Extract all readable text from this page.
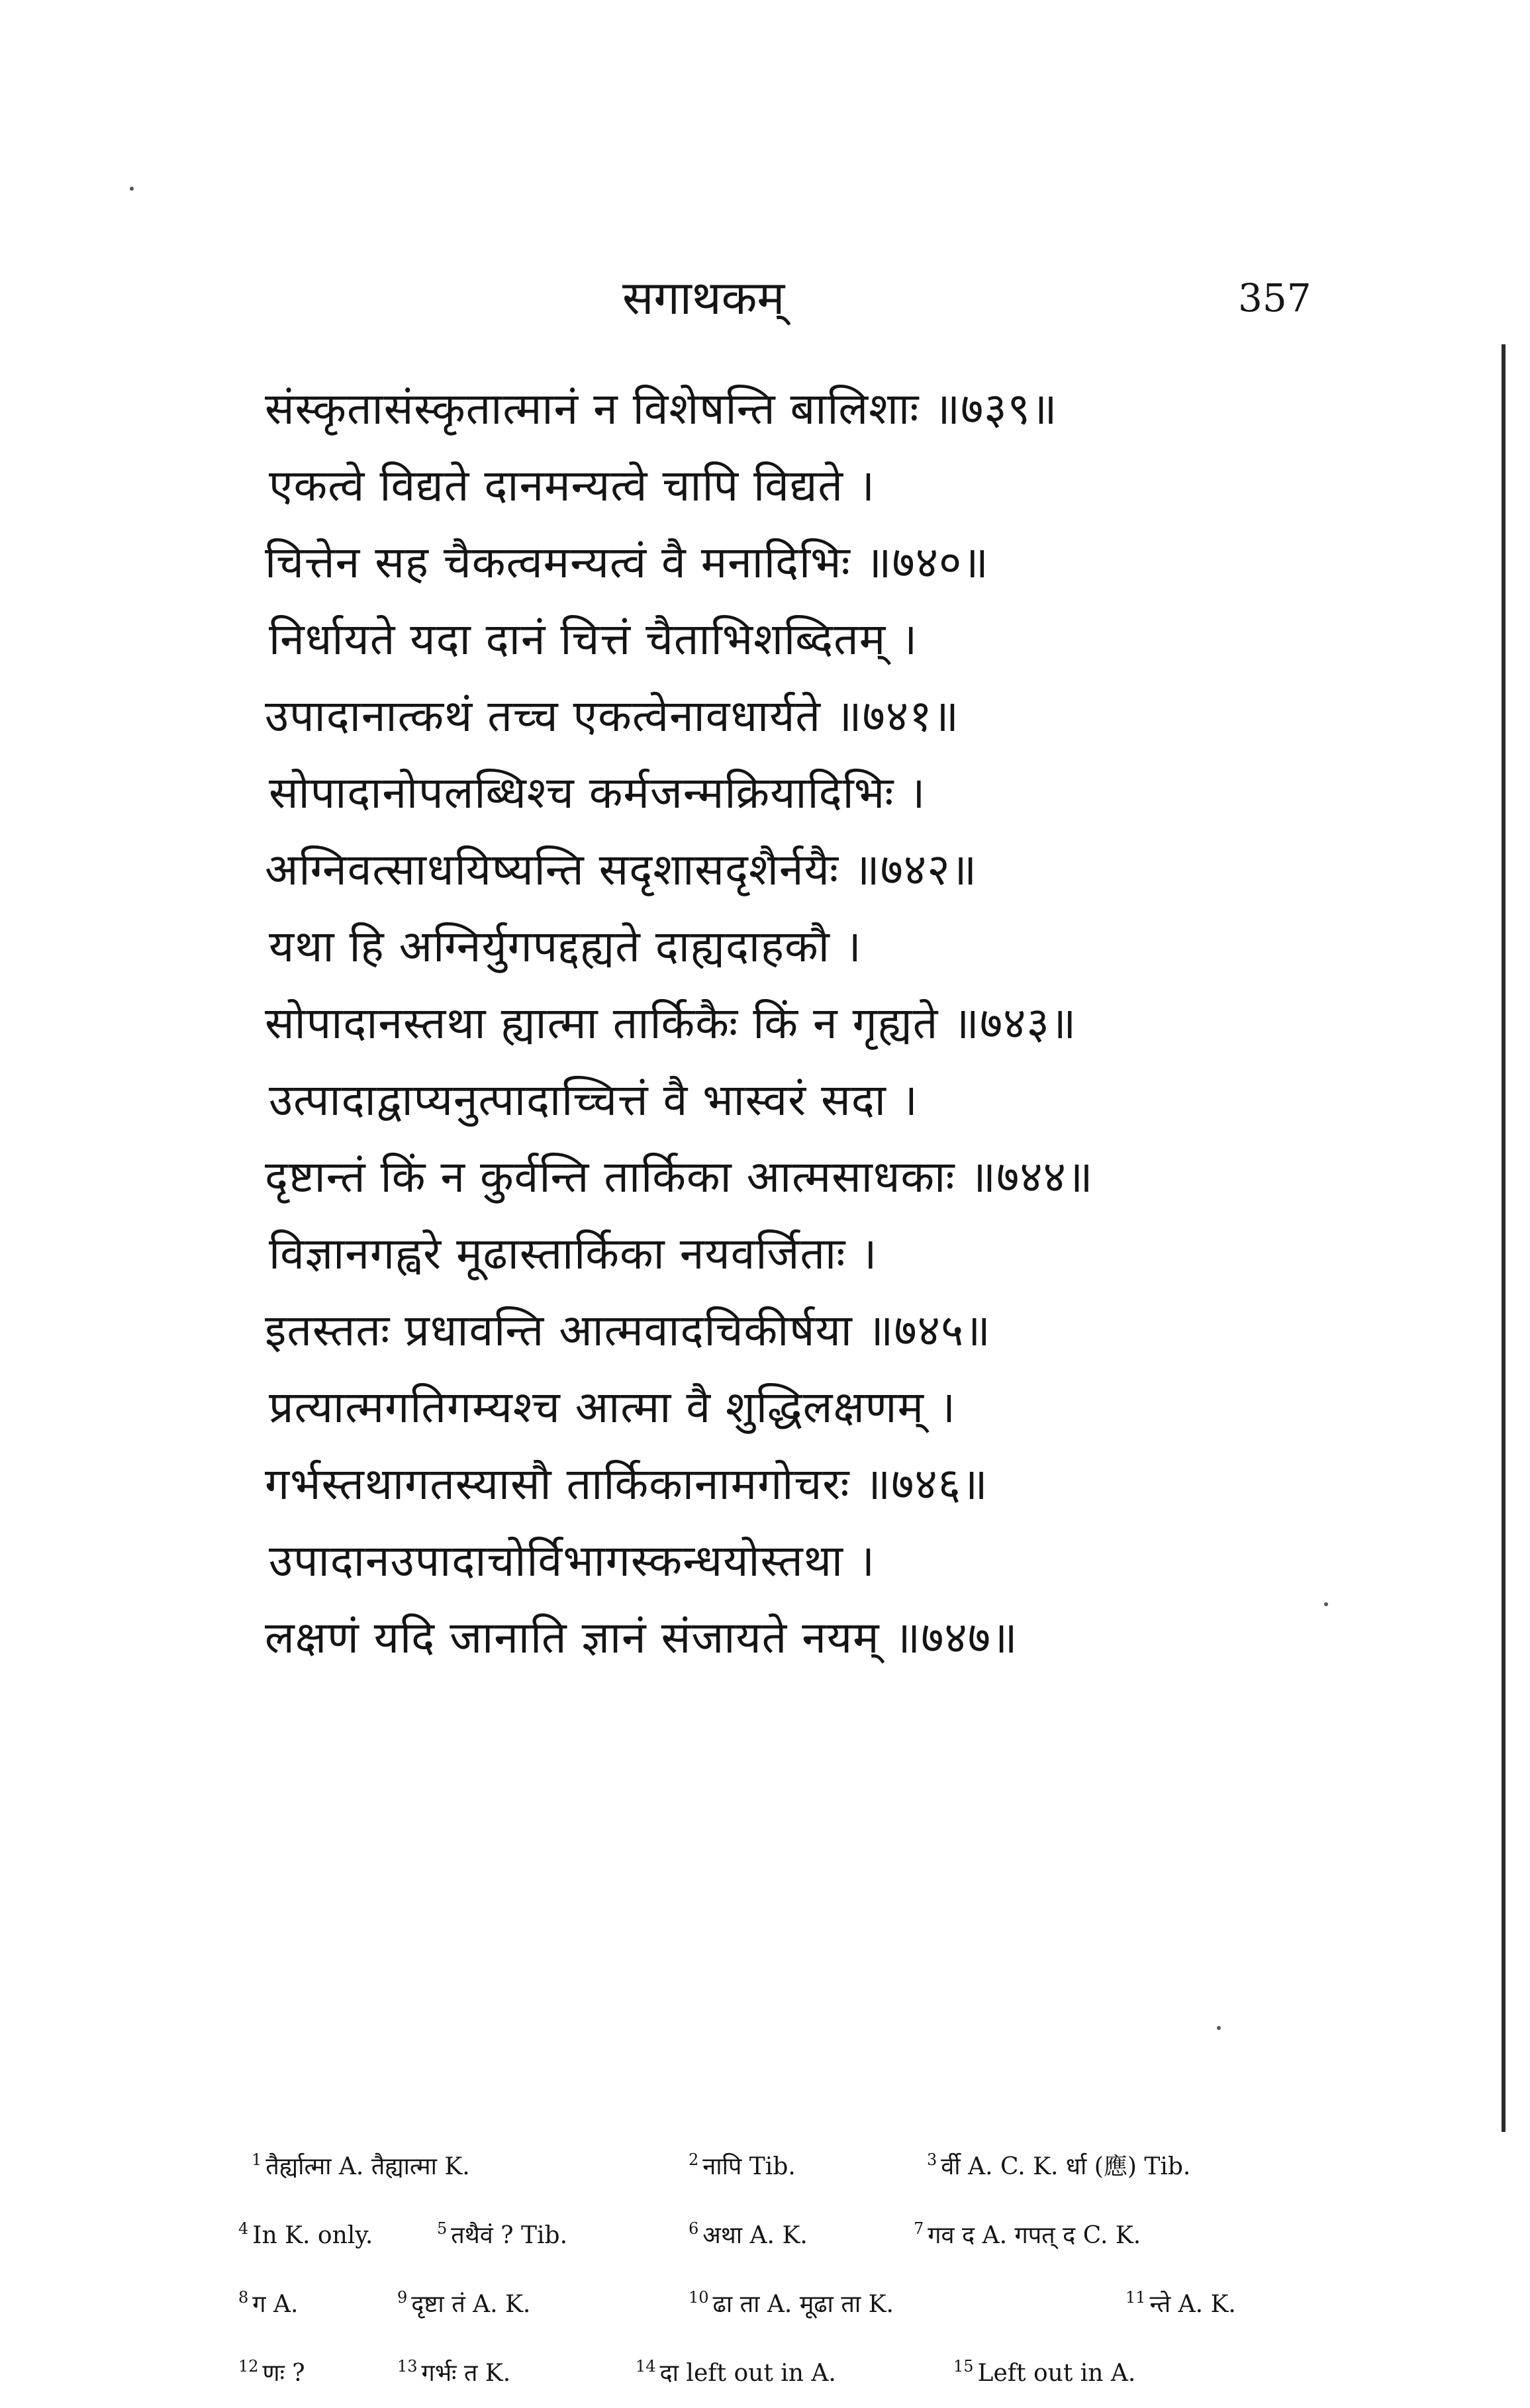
सगाथकम्	357
संस्कृतासंस्कृतात्मानं न विशेषन्ति बालिशाः ॥७३९॥
एकत्वे विद्यते दानमन्यत्वे चापि विद्यते ।
चित्तेन सह चैकत्वमन्यत्वं वै मनादिभिः ॥७४०॥
निर्धायते यदा दानं चित्तं चैताभिशब्दितम् ।
उपादानात्कथं तच्च एकत्वेनावधार्यते ॥७४१॥
सोपादानोपलब्धिश्च कर्मजन्मक्रियादिभिः ।
अग्निवत्साधयिष्यन्ति सदृशासदृशैर्नयैः ॥७४२॥
यथा हि अग्निर्युगपद्दह्यते दाह्यदाहकौ ।
सोपादानस्तथा ह्यात्मा तार्किकैः किं न गृह्यते ॥७४३॥
उत्पादाद्वाप्यनुत्पादाच्चित्तं वै भास्वरं सदा ।
दृष्टान्तं किं न कुर्वन्ति तार्किका आत्मसाधकाः ॥७४४॥
विज्ञानगह्वरे मूढास्तार्किका नयवर्जिताः ।
इतस्ततः प्रधावन्ति आत्मवादचिकीर्षया ॥७४५॥
प्रत्यात्मगतिगम्यश्च आत्मा वै शुद्धिलक्षणम् ।
गर्भस्तथागतस्यासौ तार्किकानामगोचरः ॥७४६॥
उपादानउपादाचोर्विभागस्कन्धयोस्तथा ।
लक्षणं यदि जानाति ज्ञानं संजायते नयम् ॥७४७॥
$^1$ तैर्ह्यात्मा A. तैह्यात्मा K.	$^2$ नापि Tib.	$^3$ र्वी A. C. K. र्धा (應) Tib.
$^4$ In K. only.	$^5$ तथैवं ? Tib.	$^6$ अथा A. K.	$^7$ गव द A. गपत् द C. K.
$^8$ ग A.	$^9$ दृष्टा तं A. K.	$^{10}$ ढा ता A. मूढा ता K.	$^{11}$ न्ते A. K.
$^{12}$ णः ?	$^{13}$ गर्भः त K.	$^{14}$ दा left out in A.	$^{15}$ Left out in A.
